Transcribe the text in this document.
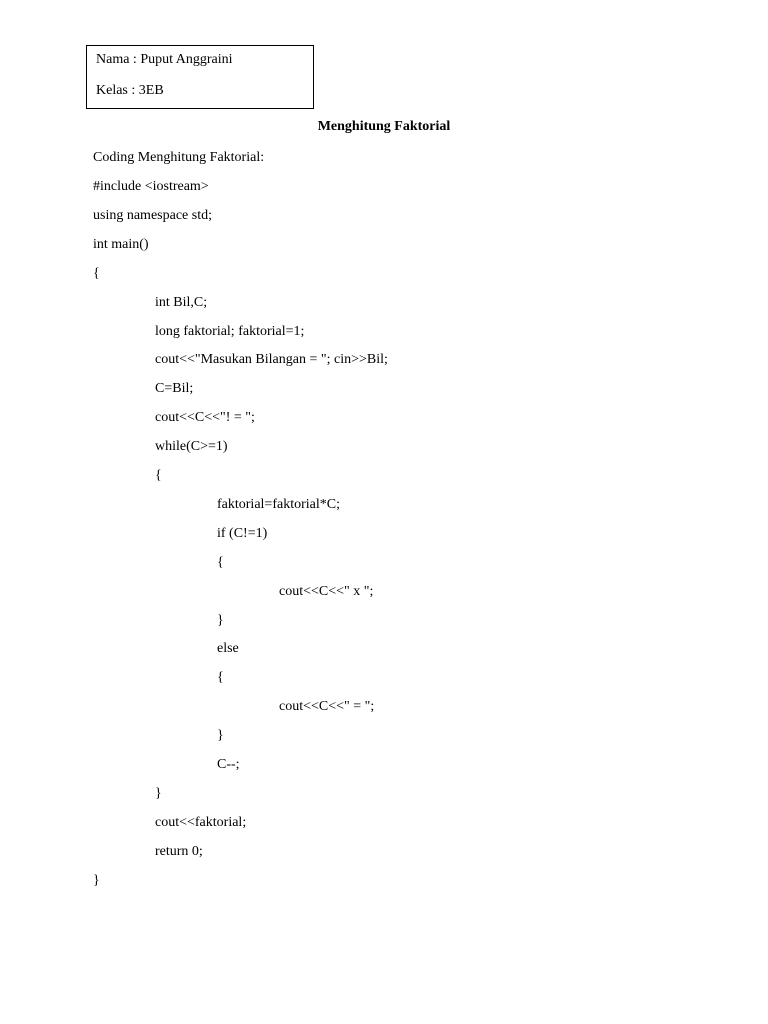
Nama : Puput Anggraini
Kelas : 3EB
Menghitung Faktorial
Coding Menghitung Faktorial:
#include <iostream>
using namespace std;
int main()
{
int Bil,C;
long faktorial; faktorial=1;
cout<<"Masukan Bilangan = "; cin>>Bil;
C=Bil;
cout<<C<<"! = ";
while(C>=1)
{
faktorial=faktorial*C;
if (C!=1)
{
cout<<C<<" x ";
}
else
{
cout<<C<<" = ";
}
C--;
}
cout<<faktorial;
return 0;
}
